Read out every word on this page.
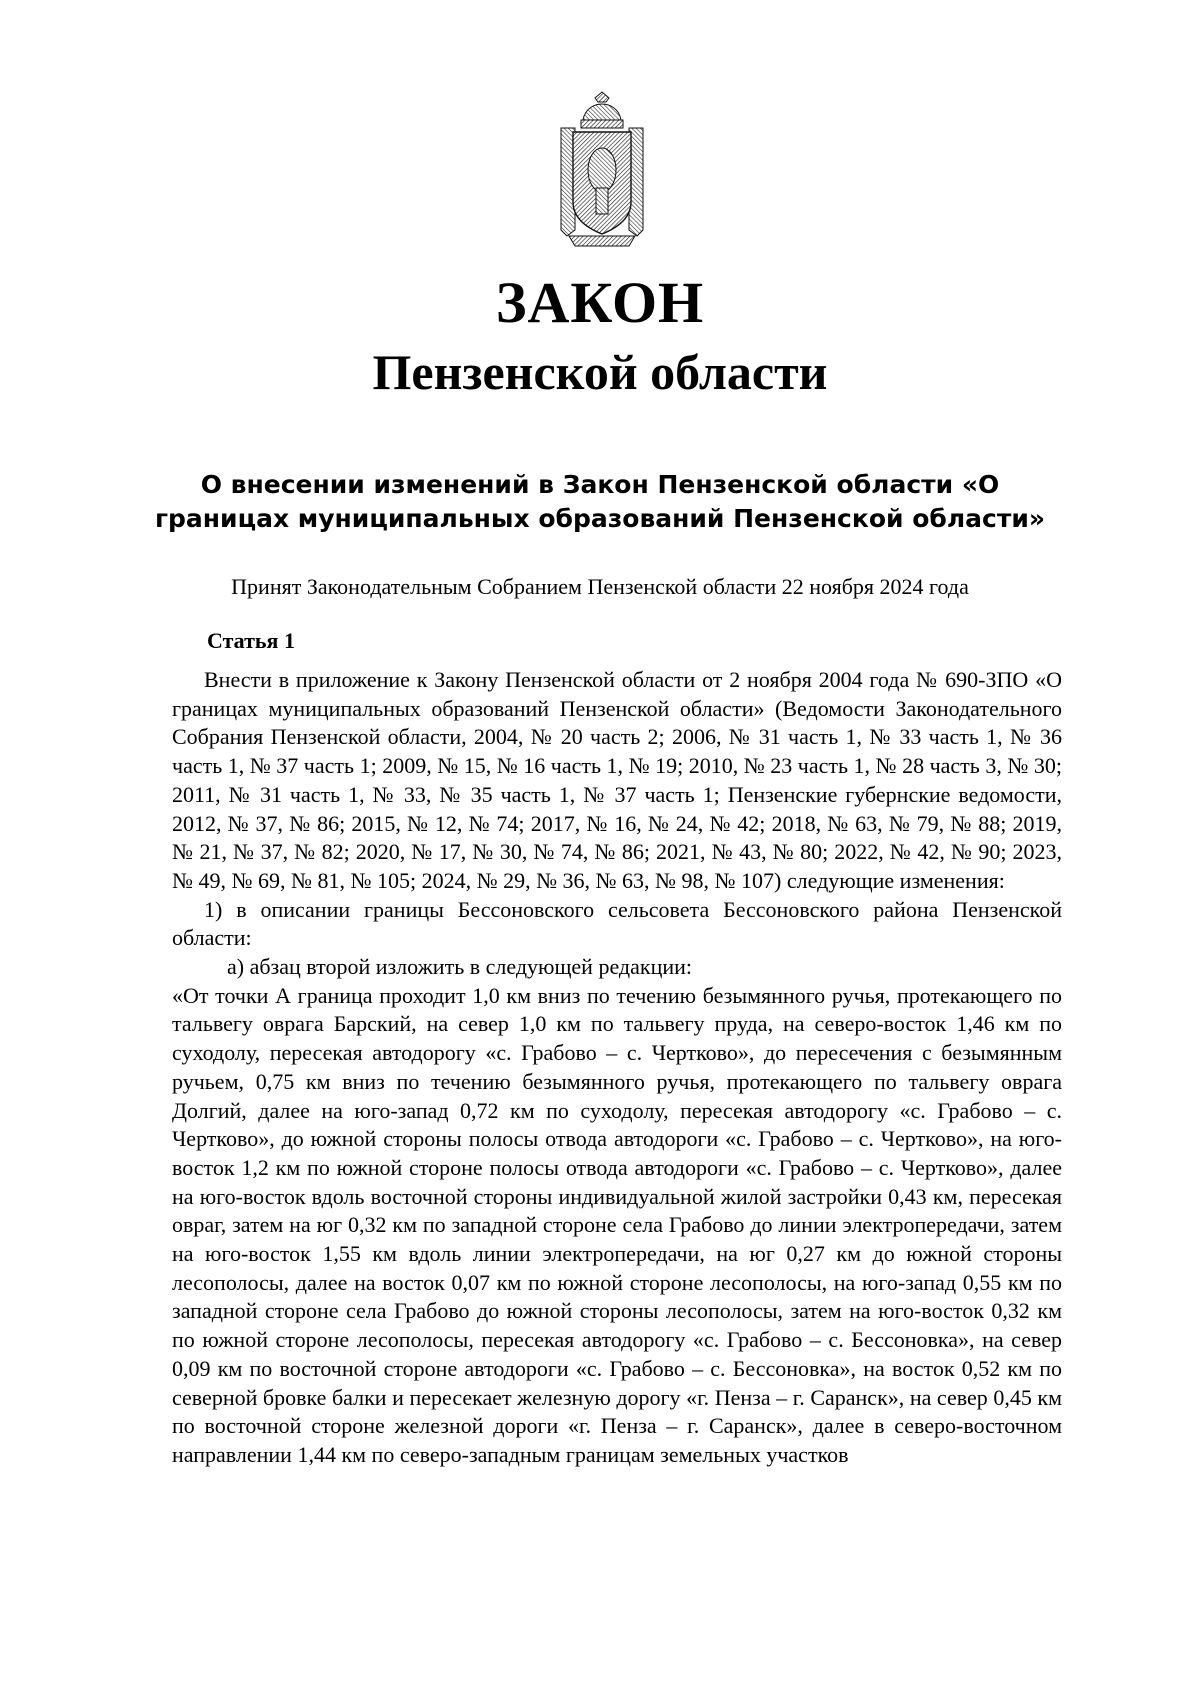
ЗАКОН
Пензенской области
О внесении изменений в Закон Пензенской области «О границах муниципальных образований Пензенской области»

Принят Законодательным Собранием Пензенской области 22 ноября 2024 года

Статья 1

Внести в приложение к Закону Пензенской области от 2 ноября 2004 года № 690-ЗПО «О границах муниципальных образований Пензенской области» (Ведомости Законодательного Собрания Пензенской области, 2004, № 20 часть 2; 2006, № 31 часть 1, № 33 часть 1, № 36 часть 1, № 37 часть 1; 2009, № 15, № 16 часть 1, № 19; 2010, № 23 часть 1, № 28 часть 3, № 30; 2011, № 31 часть 1, № 33, № 35 часть 1, № 37 часть 1; Пензенские губернские ведомости, 2012, № 37, № 86; 2015, № 12, № 74; 2017, № 16, № 24, № 42; 2018, № 63, № 79, № 88; 2019, № 21, № 37, № 82; 2020, № 17, № 30, № 74, № 86; 2021, № 43, № 80; 2022, № 42, № 90; 2023, № 49, № 69, № 81, № 105; 2024, № 29, № 36, № 63, № 98, № 107) следующие изменения:

1) в описании границы Бессоновского сельсовета Бессоновского района Пензенской области:

а) абзац второй изложить в следующей редакции:

«От точки А граница проходит 1,0 км вниз по течению безымянного ручья, протекающего по тальвегу оврага Барский, на север 1,0 км по тальвегу пруда, на северо-восток 1,46 км по суходолу, пересекая автодорогу «с. Грабово – с. Чертково», до пересечения с безымянным ручьем, 0,75 км вниз по течению безымянного ручья, протекающего по тальвегу оврага Долгий, далее на юго-запад 0,72 км по суходолу, пересекая автодорогу «с. Грабово – с. Чертково», до южной стороны полосы отвода автодороги «с. Грабово – с. Чертково», на юго-восток 1,2 км по южной стороне полосы отвода автодороги «с. Грабово – с. Чертково», далее на юго-восток вдоль восточной стороны индивидуальной жилой застройки 0,43 км, пересекая овраг, затем на юг 0,32 км по западной стороне села Грабово до линии электропередачи, затем на юго-восток 1,55 км вдоль линии электропередачи, на юг 0,27 км до южной стороны лесополосы, далее на восток 0,07 км по южной стороне лесополосы, на юго-запад 0,55 км по западной стороне села Грабово до южной стороны лесополосы, затем на юго-восток 0,32 км по южной стороне лесополосы, пересекая автодорогу «с. Грабово – с. Бессоновка», на север 0,09 км по восточной стороне автодороги «с. Грабово – с. Бессоновка», на восток 0,52 км по северной бровке балки и пересекает железную дорогу «г. Пенза – г. Саранск», на север 0,45 км по восточной стороне железной дороги «г. Пенза – г. Саранск», далее в северо-восточном направлении 1,44 км по северо-западным границам земельных участков
